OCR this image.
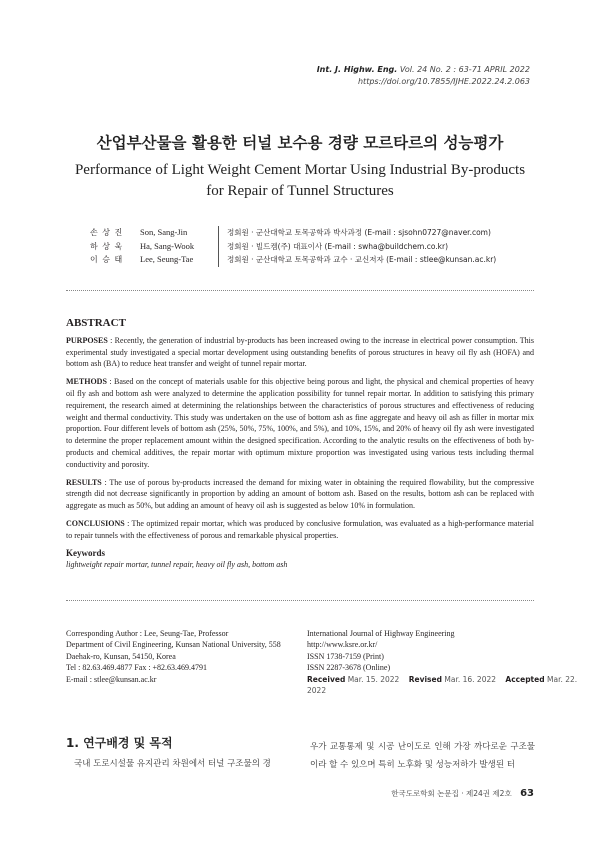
Int. J. Highw. Eng. Vol. 24 No. 2 : 63-71 APRIL 2022
https://doi.org/10.7855/IJHE.2022.24.2.063
산업부산물을 활용한 터널 보수용 경량 모르타르의 성능평가
Performance of Light Weight Cement Mortar Using Industrial By-products for Repair of Tunnel Structures
손 상 진	Son, Sang-Jin	정회원 · 군산대학교 토목공학과 박사과정 (E-mail : sjsohn0727@naver.com)
하 상 욱	Ha, Sang-Wook	정회원 · 빌드켐(주) 대표이사 (E-mail : swha@buildchem.co.kr)
이 승 태	Lee, Seung-Tae	정회원 · 군산대학교 토목공학과 교수 · 교신저자 (E-mail : stlee@kunsan.ac.kr)
ABSTRACT

PURPOSES : Recently, the generation of industrial by-products has been increased owing to the increase in electrical power consumption. This experimental study investigated a special mortar development using outstanding benefits of porous structures in heavy oil fly ash (HOFA) and bottom ash (BA) to reduce heat transfer and weight of tunnel repair mortar.

METHODS : Based on the concept of materials usable for this objective being porous and light, the physical and chemical properties of heavy oil fly ash and bottom ash were analyzed to determine the application possibility for tunnel repair mortar. In addition to satisfying this primary requirement, the research aimed at determining the relationships between the characteristics of porous structures and effectiveness of reducing weight and thermal conductivity. This study was undertaken on the use of bottom ash as fine aggregate and heavy oil ash as filler in mortar mix proportion. Four different levels of bottom ash (25%, 50%, 75%, 100%, and 5%), and 10%, 15%, and 20% of heavy oil fly ash were investigated to determine the proper replacement amount within the designed specification. According to the analytic results on the effectiveness of both by-products and chemical additives, the repair mortar with optimum mixture proportion was investigated using various tests including thermal conductivity and porosity.

RESULTS : The use of porous by-products increased the demand for mixing water in obtaining the required flowability, but the compressive strength did not decrease significantly in proportion by adding an amount of bottom ash. Based on the results, bottom ash can be replaced with aggregate as much as 50%, but adding an amount of heavy oil ash is suggested as below 10% in formulation.

CONCLUSIONS : The optimized repair mortar, which was produced by conclusive formulation, was evaluated as a high-performance material to repair tunnels with the effectiveness of porous and remarkable physical properties.

Keywords

lightweight repair mortar, tunnel repair, heavy oil fly ash, bottom ash

Corresponding Author : Lee, Seung-Tae, Professor
Department of Civil Engineering, Kunsan National University, 558
Daehak-ro, Kunsan, 54150, Korea
Tel : 82.63.469.4877 Fax : +82.63.469.4791
E-mail : stlee@kunsan.ac.kr
International Journal of Highway Engineering
http://www.ksre.or.kr/
ISSN 1738-7159 (Print)
ISSN 2287-3678 (Online)
Received Mar. 15. 2022 Revised Mar. 16. 2022 Accepted Mar. 22. 2022
1. 연구배경 및 목적
국내 도로시설물 유지관리 차원에서 터널 구조물의 경
우가 교통통제 및 시공 난이도로 인해 가장 까다로운 구조물이라 할 수 있으며 특히 노후화 및 성능저하가 발생된 터
한국도로학회 논문집 · 제24권 제2호 63
